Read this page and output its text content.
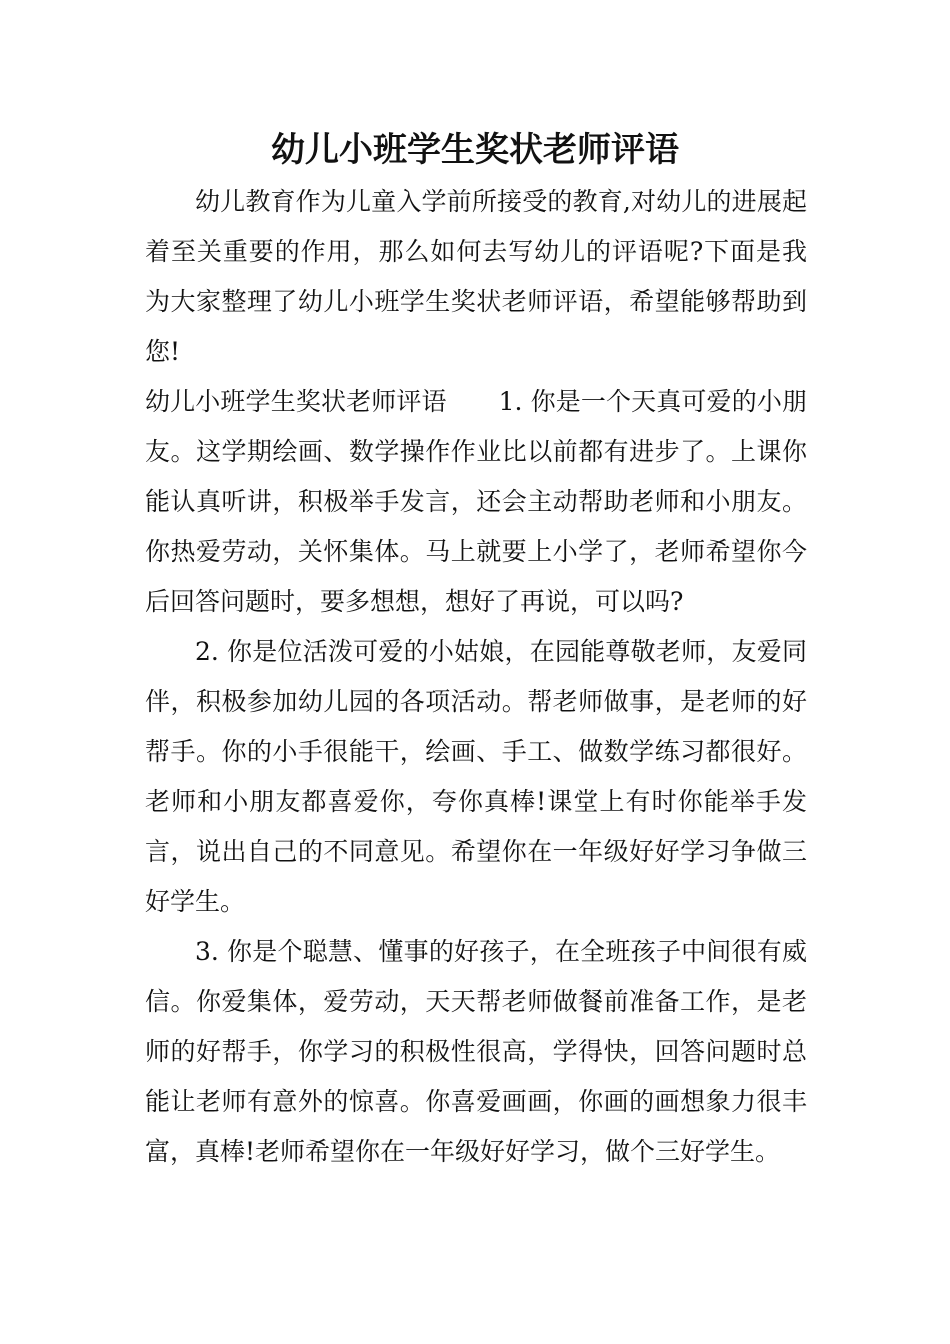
幼儿小班学生奖状老师评语

幼儿教育作为儿童入学前所接受的教育,对幼儿的进展起着至关重要的作用，那么如何去写幼儿的评语呢?下面是我为大家整理了幼儿小班学生奖状老师评语，希望能够帮助到您!

幼儿小班学生奖状老师评语 1. 你是一个天真可爱的小朋友。这学期绘画、数学操作作业比以前都有进步了。上课你能认真听讲，积极举手发言，还会主动帮助老师和小朋友。你热爱劳动，关怀集体。马上就要上小学了，老师希望你今后回答问题时，要多想想，想好了再说，可以吗?

2. 你是位活泼可爱的小姑娘，在园能尊敬老师，友爱同伴，积极参加幼儿园的各项活动。帮老师做事，是老师的好帮手。你的小手很能干，绘画、手工、做数学练习都很好。老师和小朋友都喜爱你，夸你真棒!课堂上有时你能举手发言，说出自己的不同意见。希望你在一年级好好学习争做三好学生。

3. 你是个聪慧、懂事的好孩子，在全班孩子中间很有威信。你爱集体，爱劳动，天天帮老师做餐前准备工作，是老师的好帮手，你学习的积极性很高，学得快，回答问题时总能让老师有意外的惊喜。你喜爱画画，你画的画想象力很丰富，真棒!老师希望你在一年级好好学习，做个三好学生。
